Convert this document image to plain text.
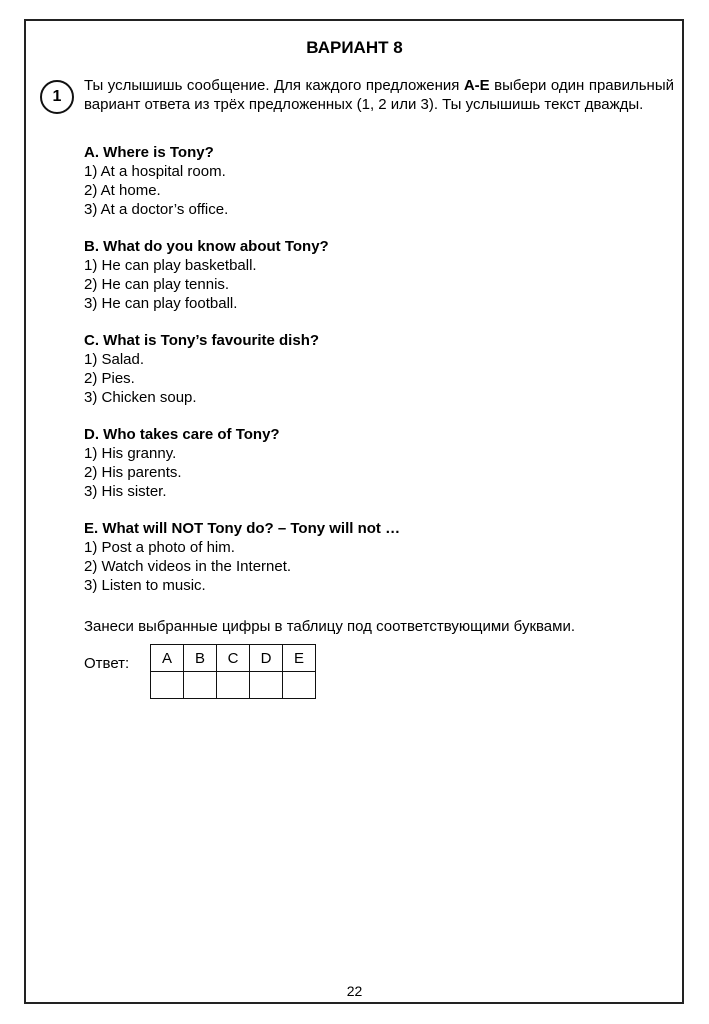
ВАРИАНТ 8
1
Ты услышишь сообщение. Для каждого предложения А-Е выбери один правильный вариант ответа из трёх предложенных (1, 2 или 3). Ты услышишь текст дважды.
A. Where is Tony?
1) At a hospital room.
2) At home.
3) At a doctor’s office.
B. What do you know about Tony?
1) He can play basketball.
2) He can play tennis.
3) He can play football.
C. What is Tony’s favourite dish?
1) Salad.
2) Pies.
3) Chicken soup.
D. Who takes care of Tony?
1) His granny.
2) His parents.
3) His sister.
E. What will NOT Tony do? – Tony will not …
1) Post a photo of him.
2) Watch videos in the Internet.
3) Listen to music.
Занеси выбранные цифры в таблицу под соответствующими буквами.
Ответ: A	B	C	D	E

22
